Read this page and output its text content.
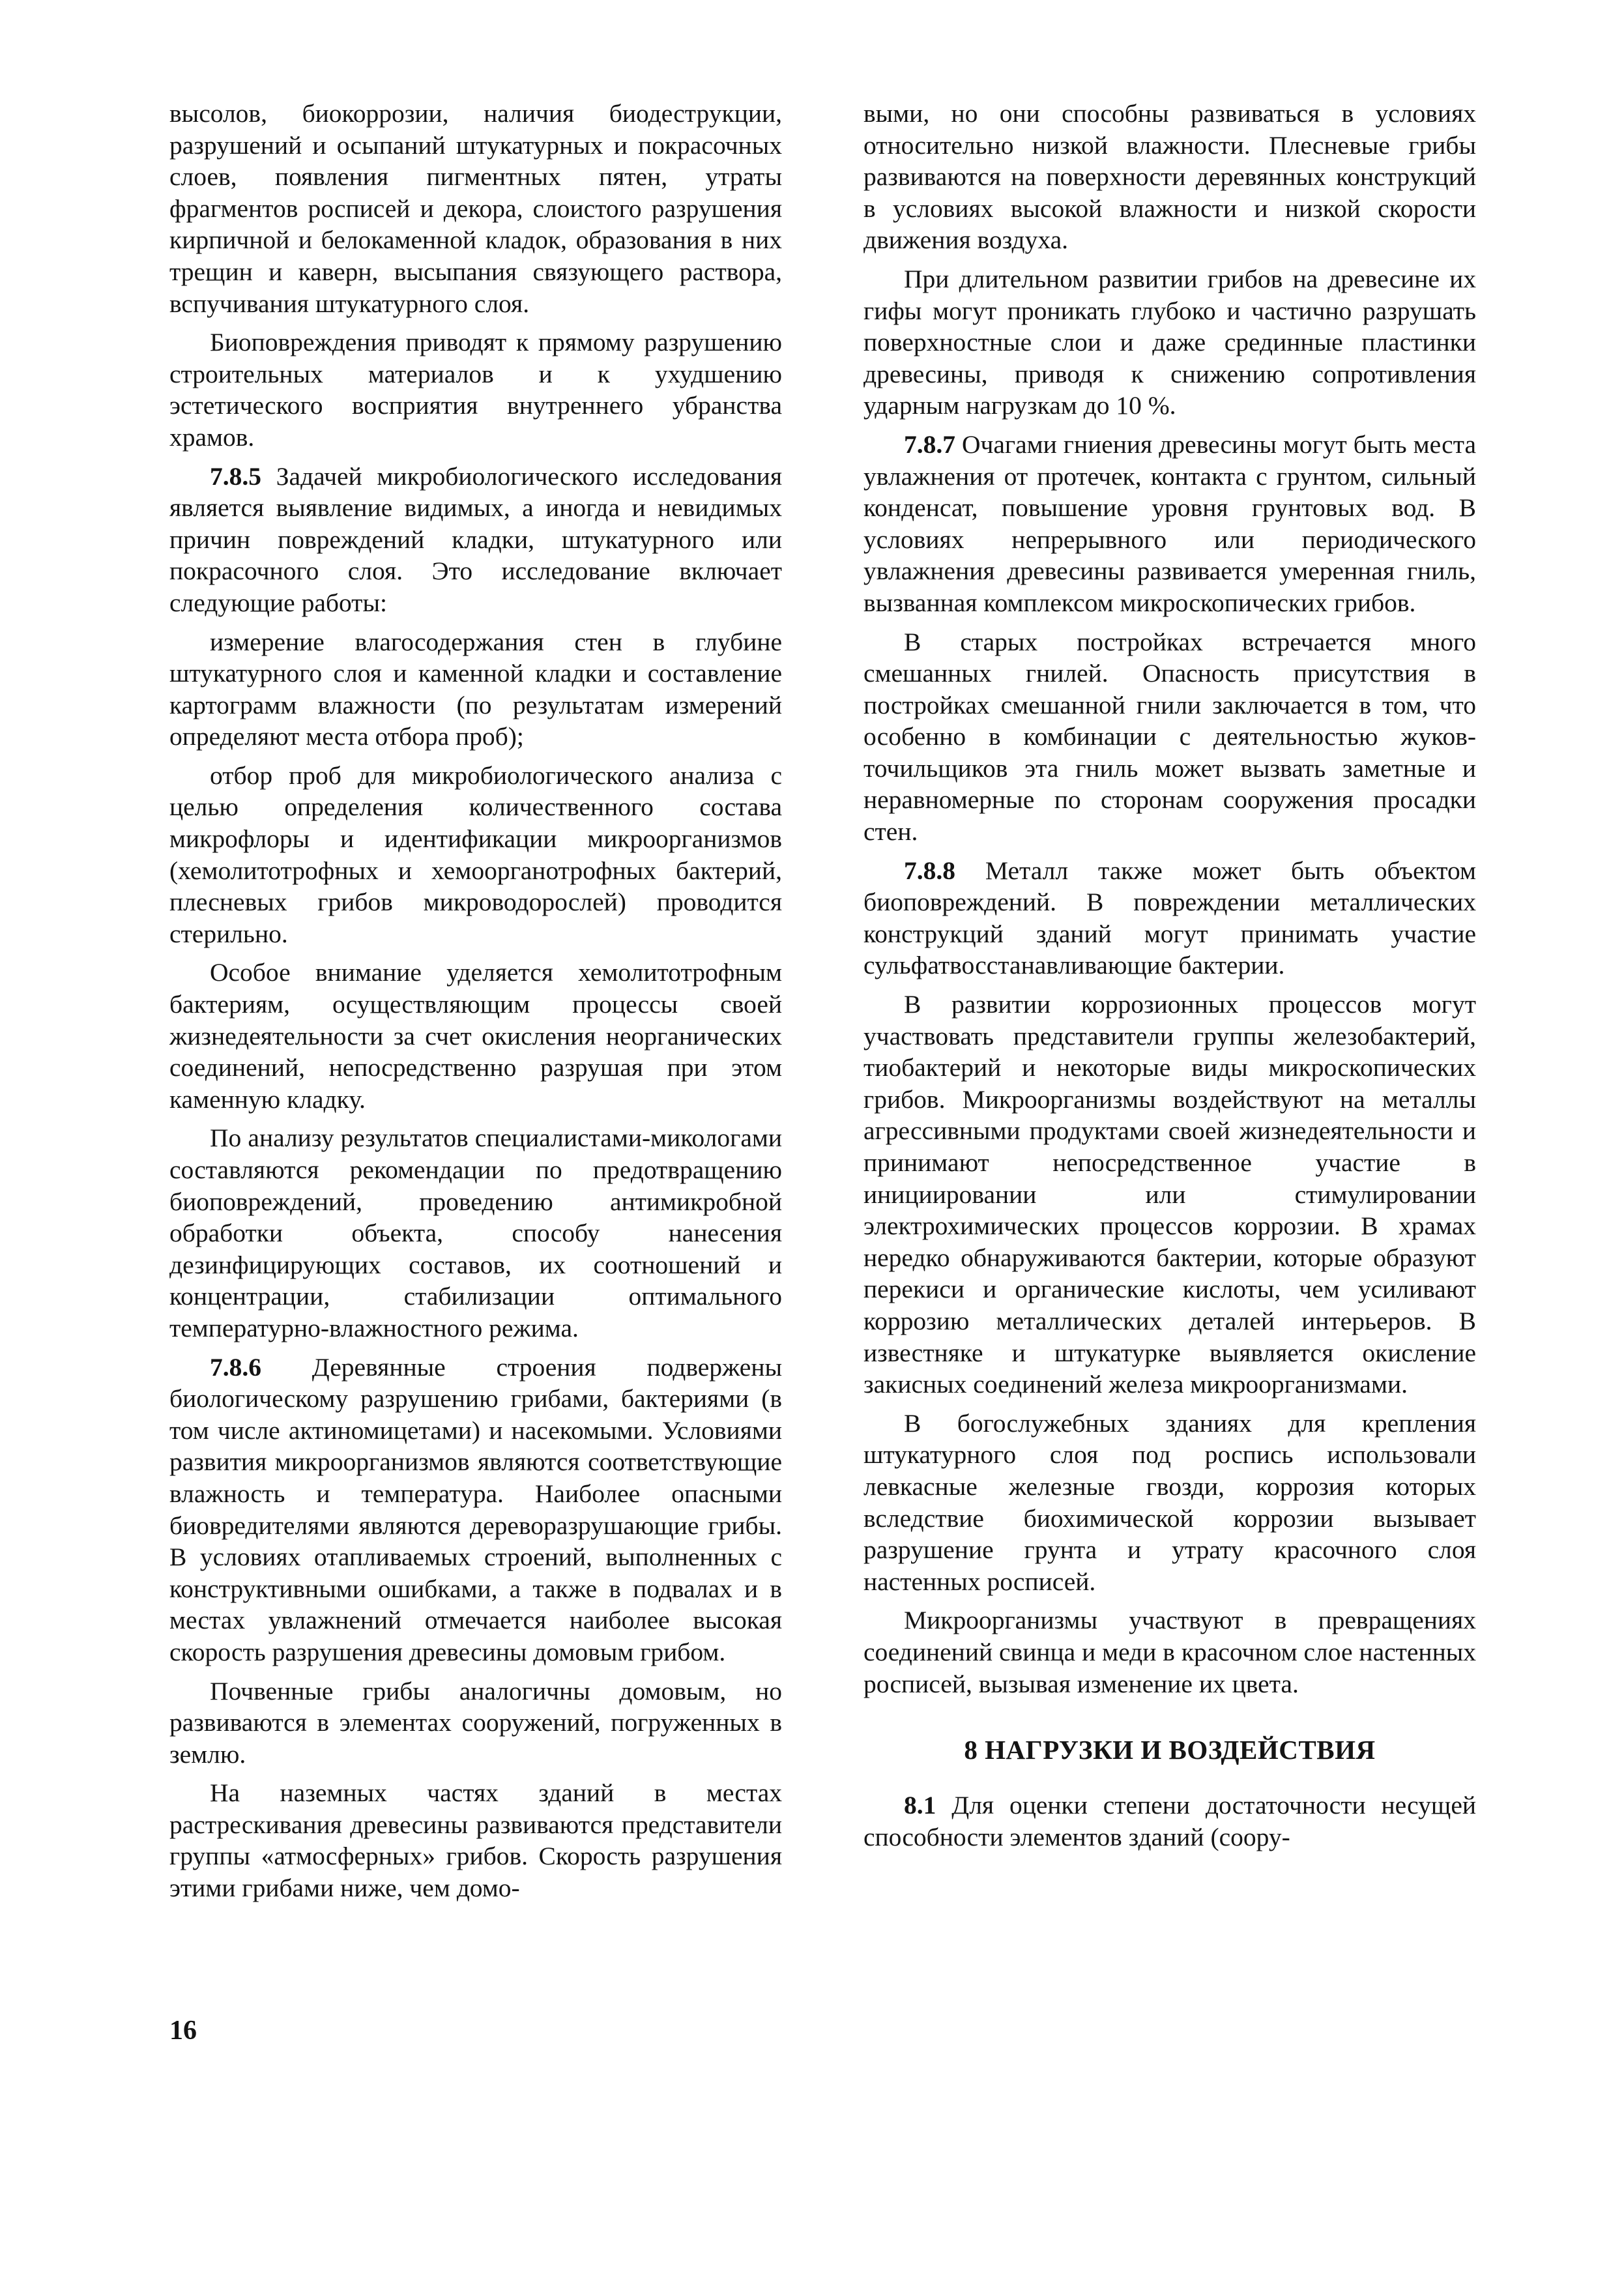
высолов, биокоррозии, наличия биодеструкции, разрушений и осыпаний штукатурных и покрасочных слоев, появления пигментных пятен, утраты фрагментов росписей и декора, слоистого разрушения кирпичной и белокаменной кладок, образования в них трещин и каверн, высыпания связующего раствора, вспучивания штукатурного слоя.

Биоповреждения приводят к прямому разрушению строительных материалов и к ухудшению эстетического восприятия внутреннего убранства храмов.

7.8.5 Задачей микробиологического исследования является выявление видимых, а иногда и невидимых причин повреждений кладки, штукатурного или покрасочного слоя. Это исследование включает следующие работы:

измерение влагосодержания стен в глубине штукатурного слоя и каменной кладки и составление картограмм влажности (по результатам измерений определяют места отбора проб);

отбор проб для микробиологического анализа с целью определения количественного состава микрофлоры и идентификации микроорганизмов (хемолитотрофных и хемоорганотрофных бактерий, плесневых грибов микроводорослей) проводится стерильно.

Особое внимание уделяется хемолитотрофным бактериям, осуществляющим процессы своей жизнедеятельности за счет окисления неорганических соединений, непосредственно разрушая при этом каменную кладку.

По анализу результатов специалистами-микологами составляются рекомендации по предотвращению биоповреждений, проведению антимикробной обработки объекта, способу нанесения дезинфицирующих составов, их соотношений и концентрации, стабилизации оптимального температурно-влажностного режима.

7.8.6 Деревянные строения подвержены биологическому разрушению грибами, бактериями (в том числе актиномицетами) и насекомыми. Условиями развития микроорганизмов являются соответствующие влажность и температура. Наиболее опасными биовредителями являются дереворазрушающие грибы. В условиях отапливаемых строений, выполненных с конструктивными ошибками, а также в подвалах и в местах увлажнений отмечается наиболее высокая скорость разрушения древесины домовым грибом.

Почвенные грибы аналогичны домовым, но развиваются в элементах сооружений, погруженных в землю.

На наземных частях зданий в местах растрескивания древесины развиваются представители группы «атмосферных» грибов. Скорость разрушения этими грибами ниже, чем домо-

выми, но они способны развиваться в условиях относительно низкой влажности. Плесневые грибы развиваются на поверхности деревянных конструкций в условиях высокой влажности и низкой скорости движения воздуха.

При длительном развитии грибов на древесине их гифы могут проникать глубоко и частично разрушать поверхностные слои и даже срединные пластинки древесины, приводя к снижению сопротивления ударным нагрузкам до 10 %.

7.8.7 Очагами гниения древесины могут быть места увлажнения от протечек, контакта с грунтом, сильный конденсат, повышение уровня грунтовых вод. В условиях непрерывного или периодического увлажнения древесины развивается умеренная гниль, вызванная комплексом микроскопических грибов.

В старых постройках встречается много смешанных гнилей. Опасность присутствия в постройках смешанной гнили заключается в том, что особенно в комбинации с деятельностью жуков-точильщиков эта гниль может вызвать заметные и неравномерные по сторонам сооружения просадки стен.

7.8.8 Металл также может быть объектом биоповреждений. В повреждении металлических конструкций зданий могут принимать участие сульфатвосстанавливающие бактерии.

В развитии коррозионных процессов могут участвовать представители группы железобактерий, тиобактерий и некоторые виды микроскопических грибов. Микроорганизмы воздействуют на металлы агрессивными продуктами своей жизнедеятельности и принимают непосредственное участие в инициировании или стимулировании электрохимических процессов коррозии. В храмах нередко обнаруживаются бактерии, которые образуют перекиси и органические кислоты, чем усиливают коррозию металлических деталей интерьеров. В известняке и штукатурке выявляется окисление закисных соединений железа микроорганизмами.

В богослужебных зданиях для крепления штукатурного слоя под роспись использовали левкасные железные гвозди, коррозия которых вследствие биохимической коррозии вызывает разрушение грунта и утрату красочного слоя настенных росписей.

Микроорганизмы участвуют в превращениях соединений свинца и меди в красочном слое настенных росписей, вызывая изменение их цвета.

8 НАГРУЗКИ И ВОЗДЕЙСТВИЯ

8.1 Для оценки степени достаточности несущей способности элементов зданий (соору-

16
